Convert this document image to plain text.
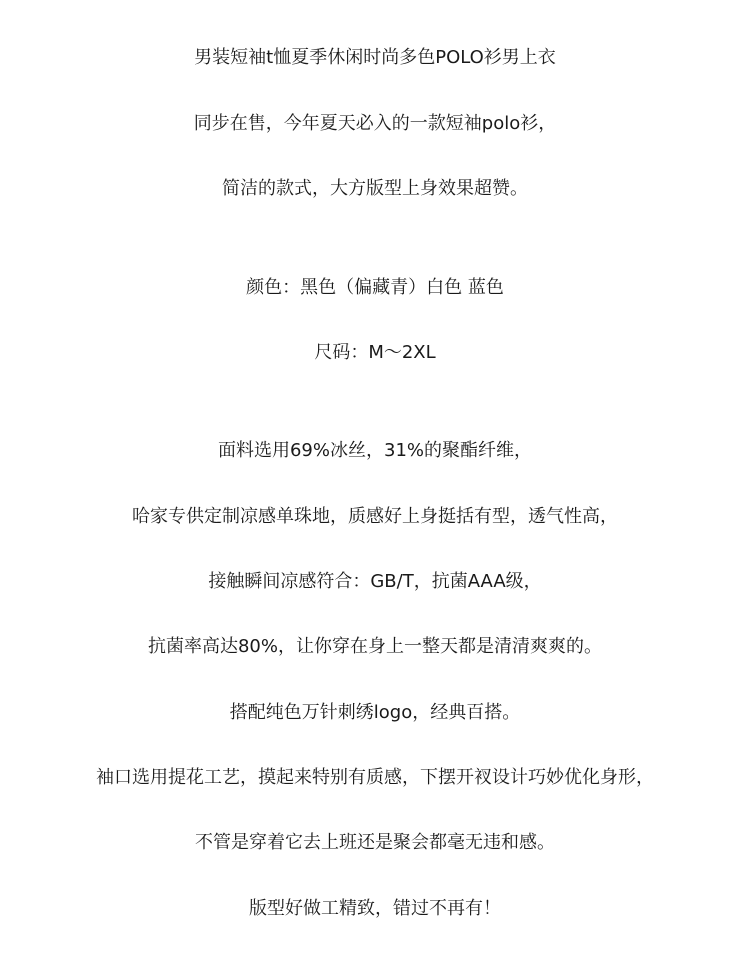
男装短袖t恤夏季休闲时尚多色POLO衫男上衣
同步在售，今年夏天必入的一款短袖polo衫，
简洁的款式，大方版型上身效果超赞。
颜色：黑色（偏藏青）白色 蓝色
尺码：M～2XL
面料选用69%冰丝，31%的聚酯纤维，
哈家专供定制凉感单珠地，质感好上身挺括有型，透气性高，
接触瞬间凉感符合：GB/T，抗菌AAA级，
抗菌率高达80%，让你穿在身上一整天都是清清爽爽的。
搭配纯色万针刺绣logo，经典百搭。
袖口选用提花工艺，摸起来特别有质感，下摆开衩设计巧妙优化身形，
不管是穿着它去上班还是聚会都毫无违和感。
版型好做工精致，错过不再有！
